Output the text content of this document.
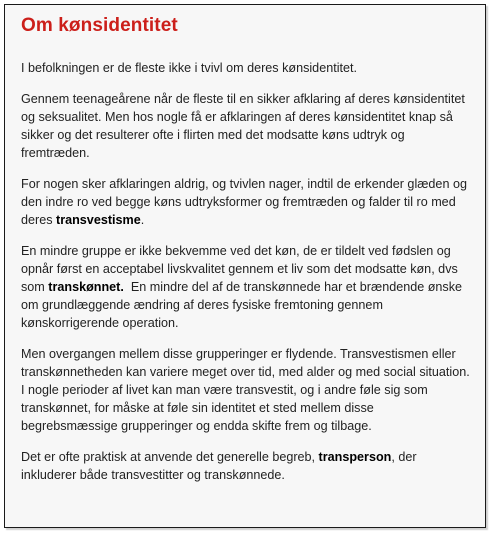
Om kønsidentitet

I befolkningen er de fleste ikke i tvivl om deres kønsidentitet.

Gennem teenageårene når de fleste til en sikker afklaring af deres kønsidentitet og seksualitet. Men hos nogle få er afklaringen af deres kønsidentitet knap så sikker og det resulterer ofte i flirten med det modsatte køns udtryk og fremtræden.

For nogen sker afklaringen aldrig, og tvivlen nager, indtil de erkender glæden og den indre ro ved begge køns udtryksformer og fremtræden og falder til ro med deres transvestisme.

En mindre gruppe er ikke bekvemme ved det køn, de er tildelt ved fødslen og opnår først en acceptabel livskvalitet gennem et liv som det modsatte køn, dvs som transkønnet.  En mindre del af de transkønnede har et brændende ønske om grundlæggende ændring af deres fysiske fremtoning gennem kønskorrigerende operation.

Men overgangen mellem disse grupperinger er flydende. Transvestismen eller transkønnetheden kan variere meget over tid, med alder og med social situation. I nogle perioder af livet kan man være transvestit, og i andre føle sig som transkønnet, for måske at føle sin identitet et sted mellem disse begrebsmæssige grupperinger og endda skifte frem og tilbage.

Det er ofte praktisk at anvende det generelle begreb, transperson, der inkluderer både transvestitter og transkønnede.
